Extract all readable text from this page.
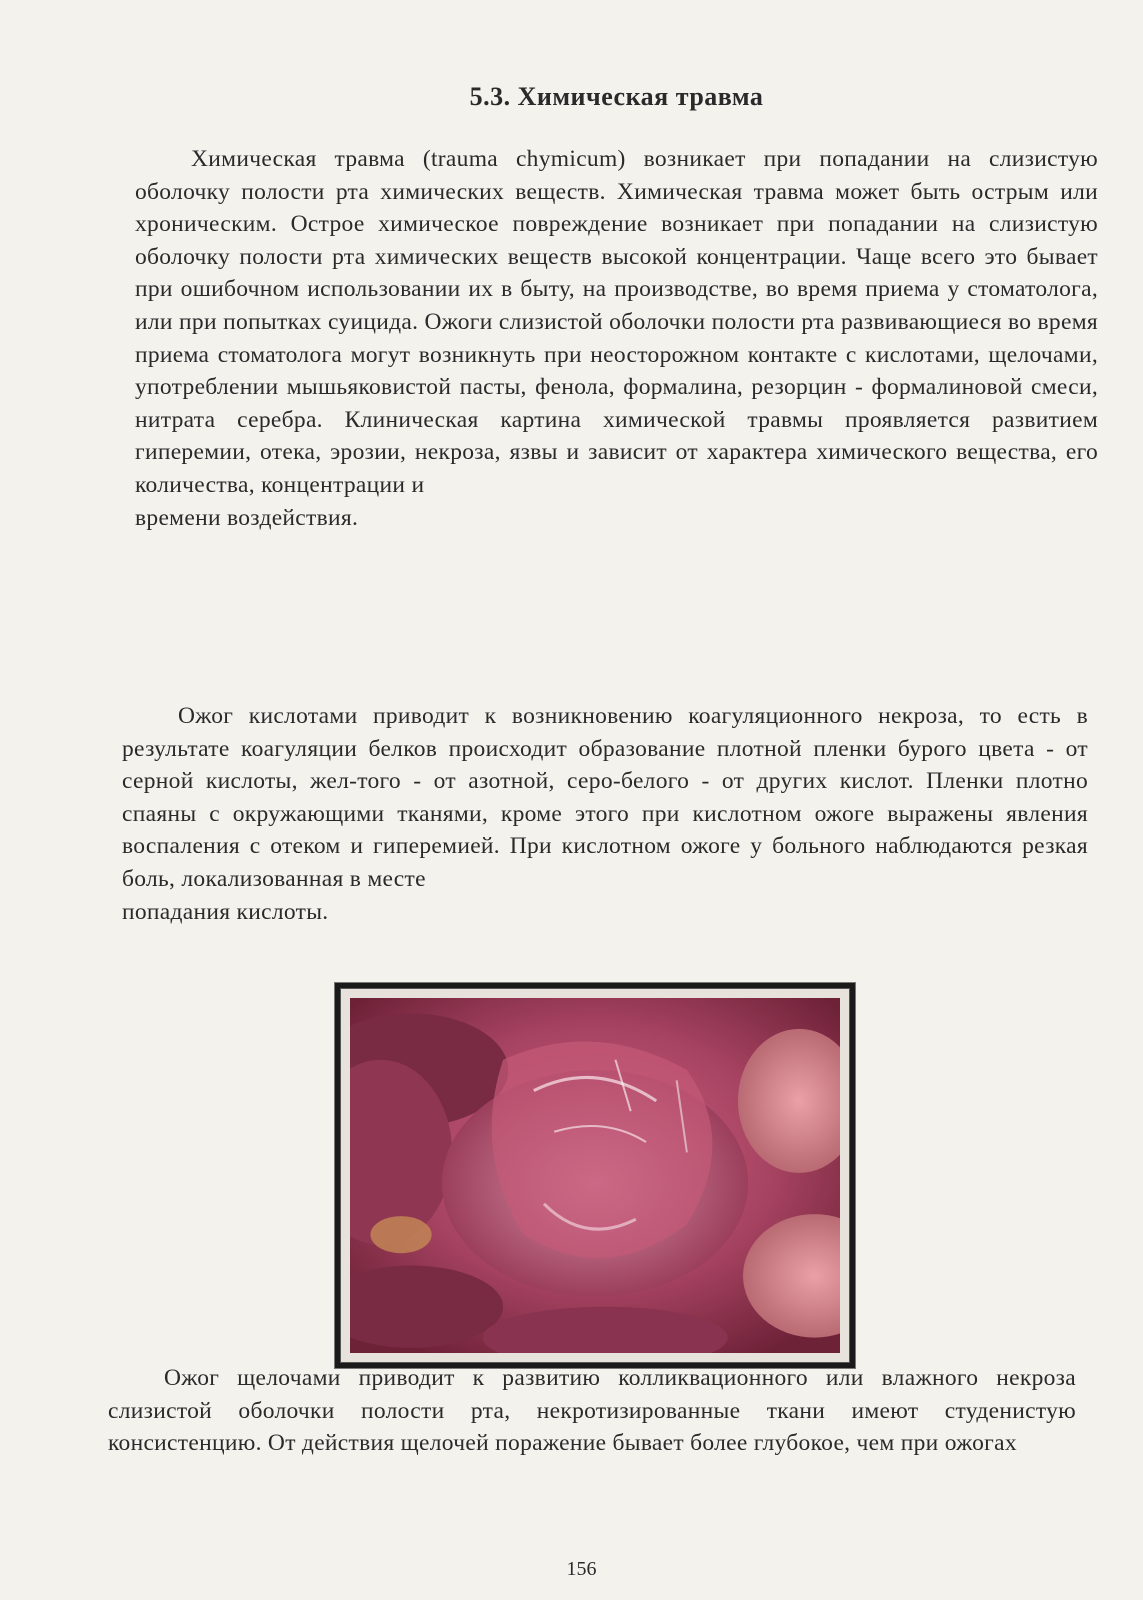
5.3. Химическая травма
Химическая травма (trauma chymicum) возникает при попадании на слизистую оболочку полости рта химических веществ. Химическая травма может быть острым или хроническим. Острое химическое повреждение возникает при попадании на слизистую оболочку полости рта химических веществ высокой концентрации. Чаще всего это бывает при ошибочном использовании их в быту, на производстве, во время приема у стоматолога, или при попытках суицида. Ожоги слизистой оболочки полости рта развивающиеся во время приема стоматолога могут возникнуть при неосторожном контакте с кислотами, щелочами, употреблении мышьяковистой пасты, фенола, формалина, резорцин - формалиновой смеси, нитрата серебра. Клиническая картина химической травмы проявляется развитием гиперемии, отека, эрозии, некроза, язвы и зависит от характера химического вещества, его количества, концентрации и
времени воздействия.
Ожог кислотами приводит к возникновению коагуляционного некроза, то есть в результате коагуляции белков происходит образование плотной пленки бурого цвета - от серной кислоты, жел-того - от азотной, серо-белого - от других кислот. Пленки плотно спаяны с окружающими тканями, кроме этого при кислотном ожоге выражены явления воспаления с отеком и гиперемией. При кислотном ожоге у больного наблюдаются резкая боль, локализованная в месте
попадания кислоты.
Ожог щелочами приводит к развитию колликвационного или влажного некроза слизистой оболочки полости рта, некротизированные ткани имеют студенистую консистенцию. От действия щелочей поражение бывает более глубокое, чем при ожогах
156
